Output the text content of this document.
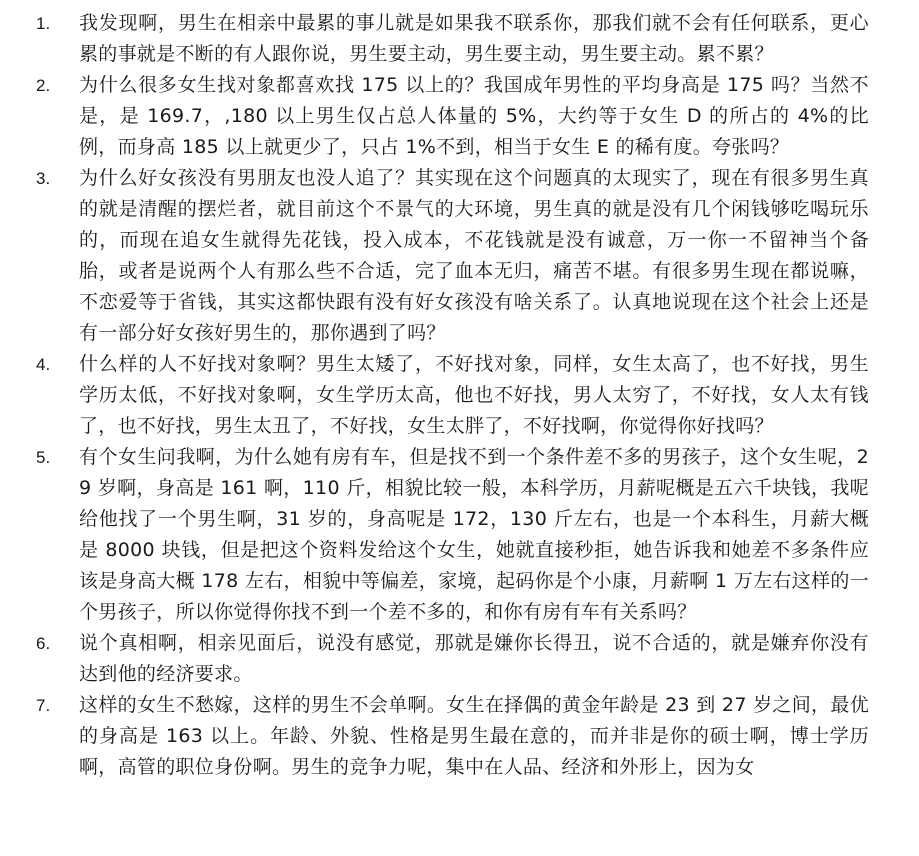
1.	我发现啊，男生在相亲中最累的事儿就是如果我不联系你，那我们就不会有任何联系，更心累的事就是不断的有人跟你说，男生要主动，男生要主动，男生要主动。累不累？
2.	为什么很多女生找对象都喜欢找 175 以上的？我国成年男性的平均身高是 175 吗？当然不是，是 169.7，,180 以上男生仅占总人体量的 5%，大约等于女生 D 的所占的 4%的比例，而身高 185 以上就更少了，只占 1%不到，相当于女生 E 的稀有度。夸张吗？
3.	为什么好女孩没有男朋友也没人追了？其实现在这个问题真的太现实了，现在有很多男生真的就是清醒的摆烂者，就目前这个不景气的大环境，男生真的就是没有几个闲钱够吃喝玩乐的，而现在追女生就得先花钱，投入成本，不花钱就是没有诚意，万一你一不留神当个备胎，或者是说两个人有那么些不合适，完了血本无归，痛苦不堪。有很多男生现在都说嘛，不恋爱等于省钱，其实这都快跟有没有好女孩没有啥关系了。认真地说现在这个社会上还是有一部分好女孩好男生的，那你遇到了吗？
4.	什么样的人不好找对象啊？男生太矮了，不好找对象，同样，女生太高了，也不好找，男生学历太低，不好找对象啊，女生学历太高，他也不好找，男人太穷了，不好找，女人太有钱了，也不好找，男生太丑了，不好找，女生太胖了，不好找啊，你觉得你好找吗？
5.	有个女生问我啊，为什么她有房有车，但是找不到一个条件差不多的男孩子，这个女生呢，29 岁啊，身高是 161 啊，110 斤，相貌比较一般，本科学历，月薪呢概是五六千块钱，我呢给他找了一个男生啊，31 岁的，身高呢是 172，130 斤左右，也是一个本科生，月薪大概是 8000 块钱，但是把这个资料发给这个女生，她就直接秒拒，她告诉我和她差不多条件应该是身高大概 178 左右，相貌中等偏差，家境，起码你是个小康，月薪啊 1 万左右这样的一个男孩子，所以你觉得你找不到一个差不多的，和你有房有车有关系吗？
6.	说个真相啊，相亲见面后，说没有感觉，那就是嫌你长得丑，说不合适的，就是嫌弃你没有达到他的经济要求。
7.	这样的女生不愁嫁，这样的男生不会单啊。女生在择偶的黄金年龄是 23 到 27 岁之间，最优的身高是 163 以上。年龄、外貌、性格是男生最在意的，而并非是你的硕士啊，博士学历啊，高管的职位身份啊。男生的竞争力呢，集中在人品、经济和外形上，因为女
